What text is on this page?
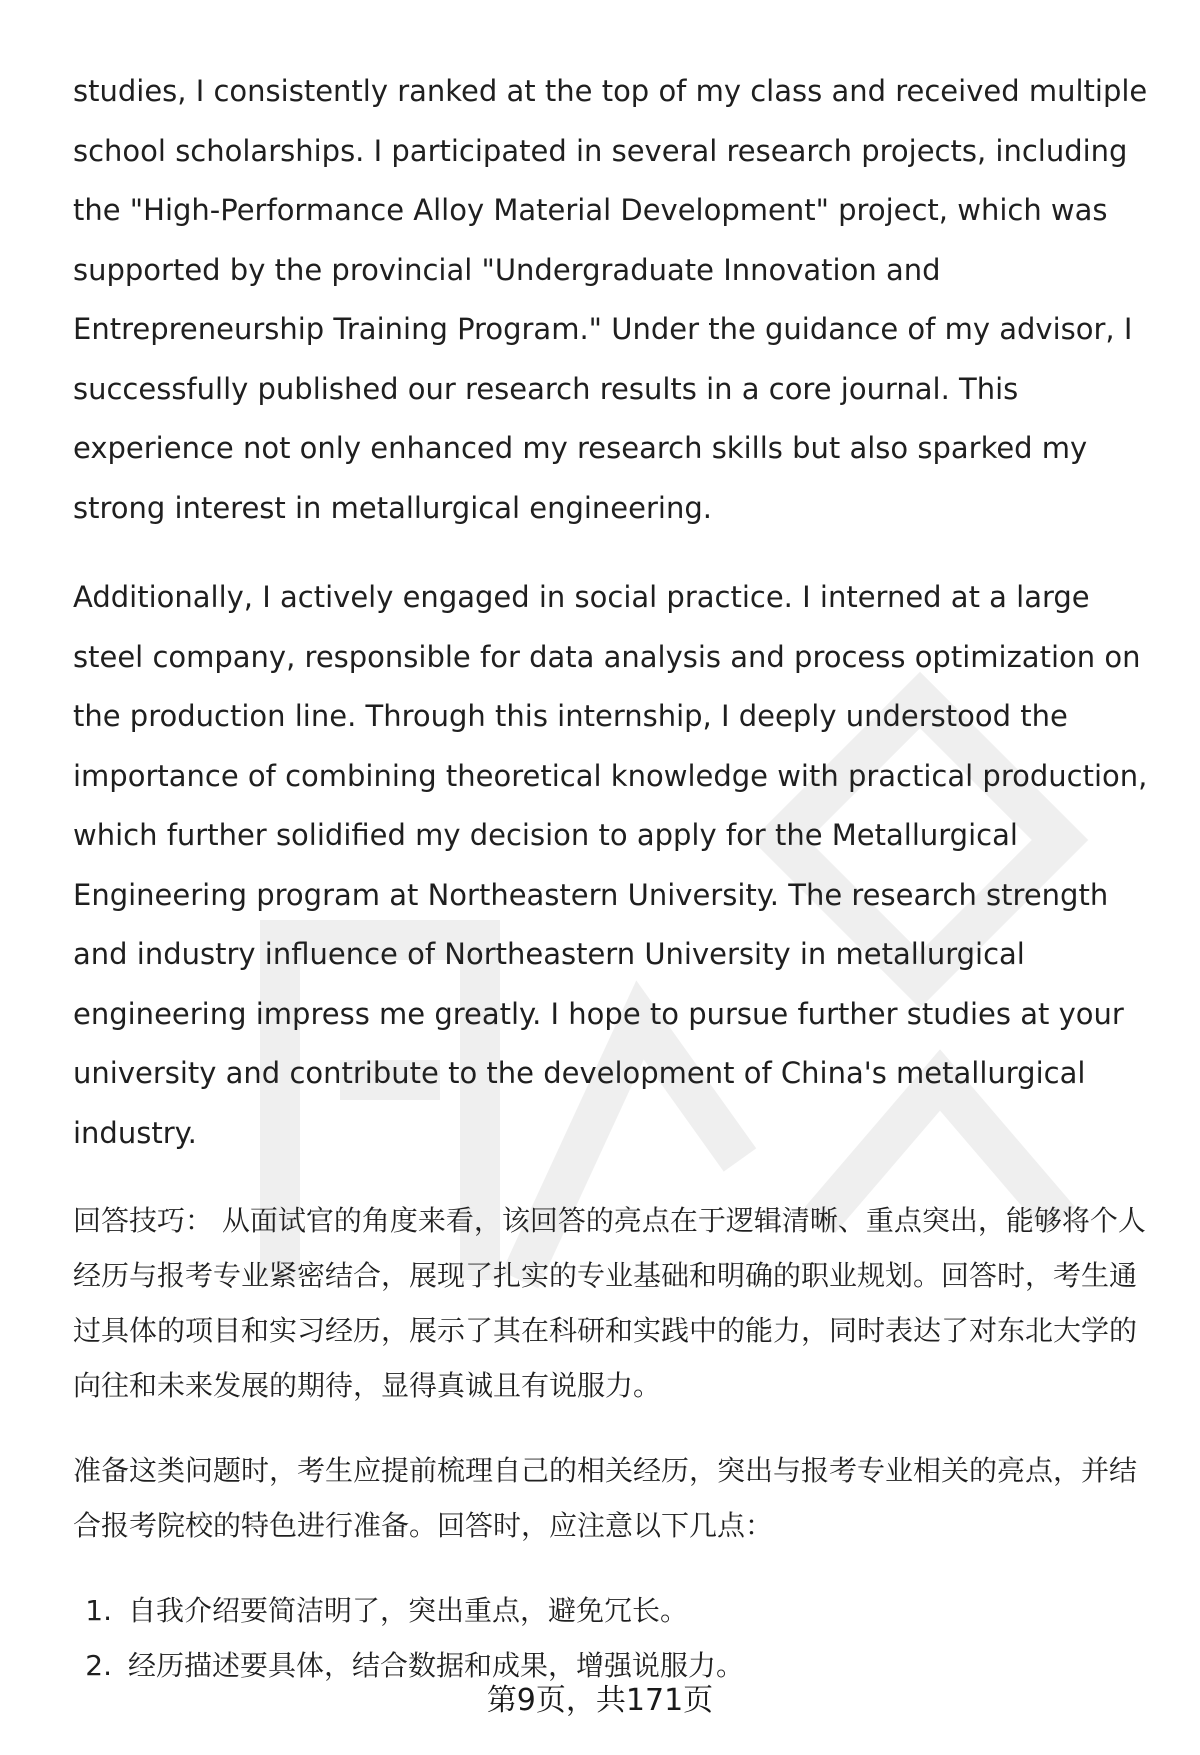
studies, I consistently ranked at the top of my class and received multiple school scholarships. I participated in several research projects, including the "High-Performance Alloy Material Development" project, which was supported by the provincial "Undergraduate Innovation and Entrepreneurship Training Program." Under the guidance of my advisor, I successfully published our research results in a core journal. This experience not only enhanced my research skills but also sparked my strong interest in metallurgical engineering.

Additionally, I actively engaged in social practice. I interned at a large steel company, responsible for data analysis and process optimization on the production line. Through this internship, I deeply understood the importance of combining theoretical knowledge with practical production, which further solidified my decision to apply for the Metallurgical Engineering program at Northeastern University. The research strength and industry influence of Northeastern University in metallurgical engineering impress me greatly. I hope to pursue further studies at your university and contribute to the development of China's metallurgical industry.

回答技巧： 从面试官的角度来看，该回答的亮点在于逻辑清晰、重点突出，能够将个人经历与报考专业紧密结合，展现了扎实的专业基础和明确的职业规划。回答时，考生通过具体的项目和实习经历，展示了其在科研和实践中的能力，同时表达了对东北大学的向往和未来发展的期待，显得真诚且有说服力。

准备这类问题时，考生应提前梳理自己的相关经历，突出与报考专业相关的亮点，并结合报考院校的特色进行准备。回答时，应注意以下几点：

1. 自我介绍要简洁明了，突出重点，避免冗长。
2. 经历描述要具体，结合数据和成果，增强说服力。
第9页，共171页
